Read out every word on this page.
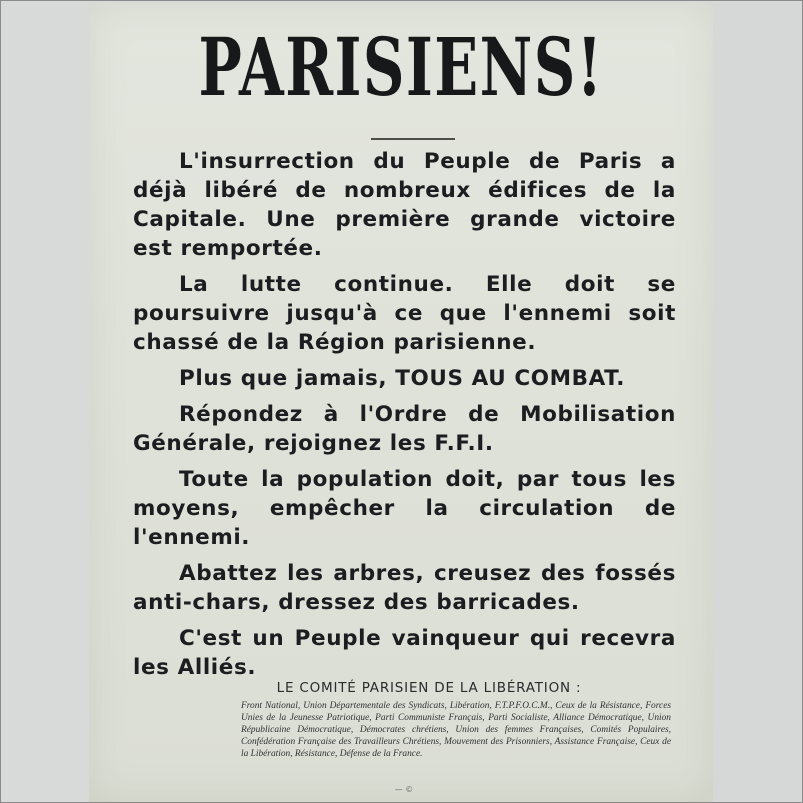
PARISIENS!

L'insurrection du Peuple de Paris a déjà libéré de nombreux édifices de la Capitale. Une première grande victoire est remportée.

La lutte continue. Elle doit se poursuivre jusqu'à ce que l'ennemi soit chassé de la Région parisienne.

Plus que jamais, TOUS AU COMBAT.

Répondez à l'Ordre de Mobilisation Générale, rejoignez les F.F.I.

Toute la population doit, par tous les moyens, empêcher la circulation de l'ennemi.

Abattez les arbres, creusez des fossés anti-chars, dressez des barricades.

C'est un Peuple vainqueur qui recevra les Alliés.

LE COMITÉ PARISIEN DE LA LIBÉRATION :
Front National, Union Départementale des Syndicats, Libération, F.T.P.F.O.C.M., Ceux de la Résistance, Forces Unies de la Jeunesse Patriotique, Parti Communiste Français, Parti Socialiste, Alliance Démocratique, Union Républicaine Démocratique, Démocrates chrétiens, Union des femmes Françaises, Comités Populaires, Confédération Française des Travailleurs Chrétiens, Mouvement des Prisonniers, Assistance Française, Ceux de la Libération, Résistance, Défense de la France.
— ©
